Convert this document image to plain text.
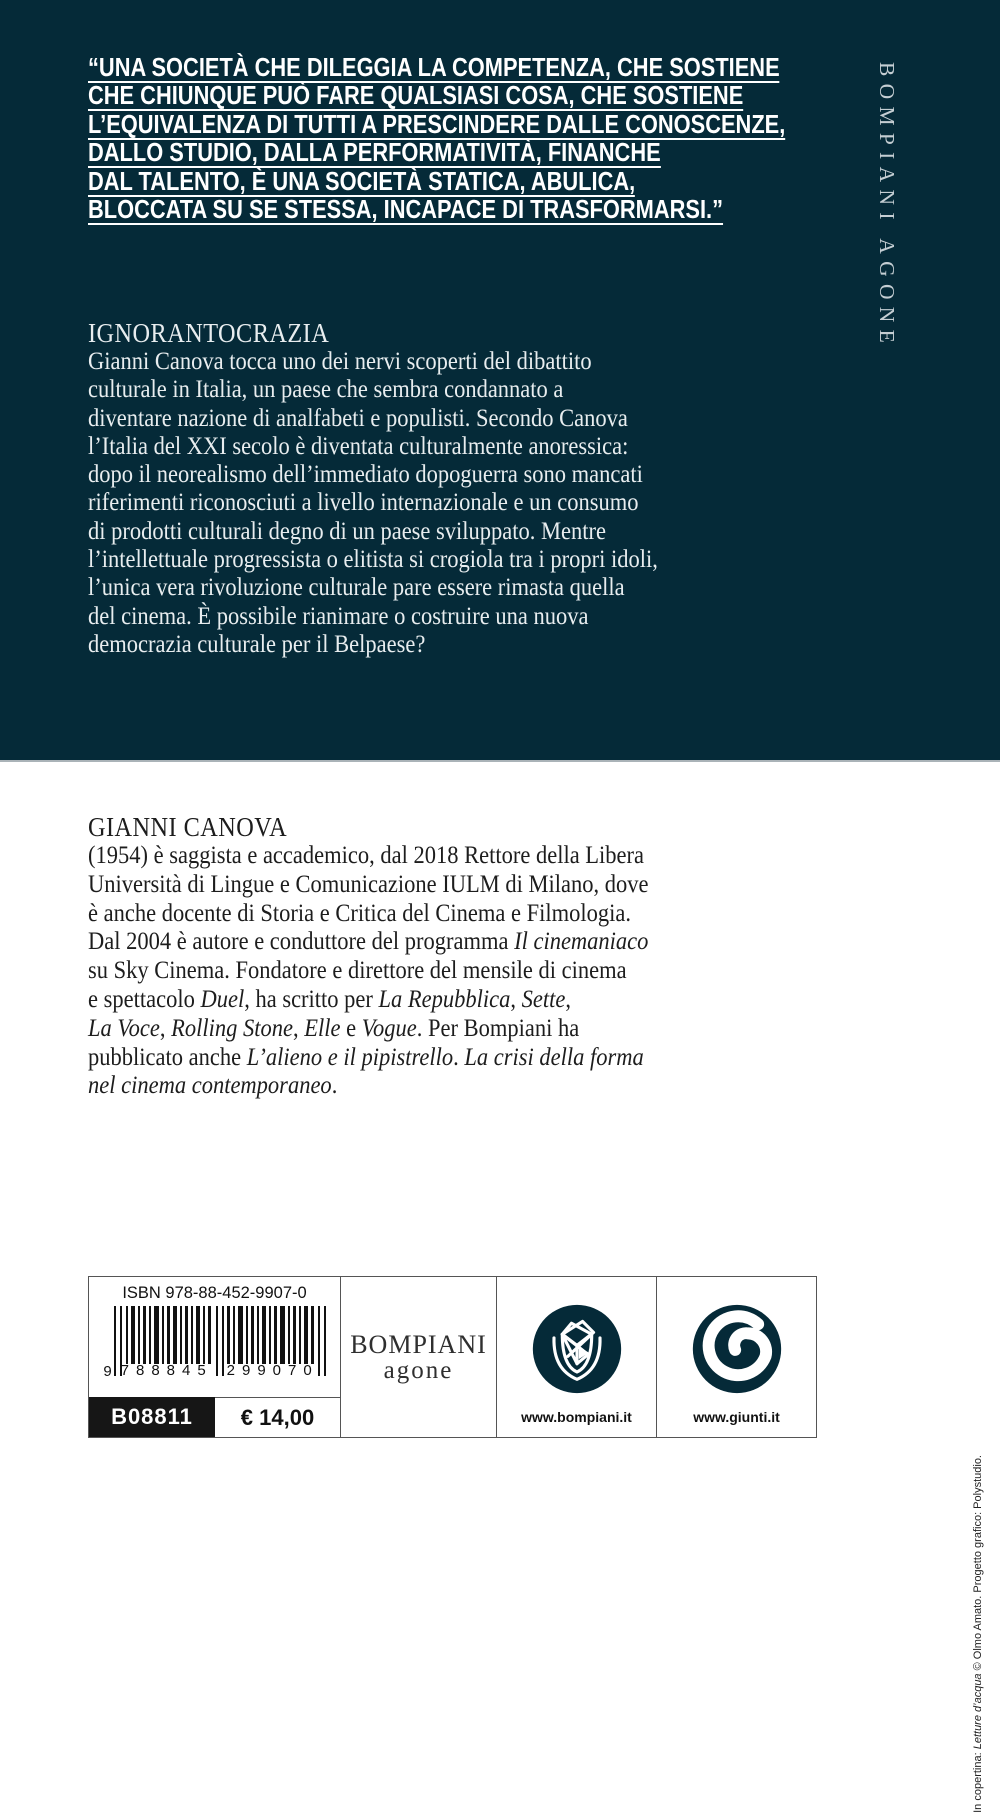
“UNA SOCIETÀ CHE DILEGGIA LA COMPETENZA, CHE SOSTIENE
CHE CHIUNQUE PUÒ FARE QUALSIASI COSA, CHE SOSTIENE
L’EQUIVALENZA DI TUTTI A PRESCINDERE DALLE CONOSCENZE,
DALLO STUDIO, DALLA PERFORMATIVITÀ, FINANCHE
DAL TALENTO, È UNA SOCIETÀ STATICA, ABULICA,
BLOCCATA SU SE STESSA, INCAPACE DI TRASFORMARSI.”	BOMPIANI AGONE
IGNORANTOCRAZIA
Gianni Canova tocca uno dei nervi scoperti del dibattito
culturale in Italia, un paese che sembra condannato a
diventare nazione di analfabeti e populisti. Secondo Canova
l’Italia del XXI secolo è diventata culturalmente anoressica:
dopo il neorealismo dell’immediato dopoguerra sono mancati
riferimenti riconosciuti a livello internazionale e un consumo
di prodotti culturali degno di un paese sviluppato. Mentre
l’intellettuale progressista o elitista si crogiola tra i propri idoli,
l’unica vera rivoluzione culturale pare essere rimasta quella
del cinema. È possibile rianimare o costruire una nuova
democrazia culturale per il Belpaese?
GIANNI CANOVA
(1954) è saggista e accademico, dal 2018 Rettore della Libera
Università di Lingue e Comunicazione IULM di Milano, dove
è anche docente di Storia e Critica del Cinema e Filmologia.
Dal 2004 è autore e conduttore del programma Il cinemaniaco
su Sky Cinema. Fondatore e direttore del mensile di cinema
e spettacolo Duel, ha scritto per La Repubblica, Sette,
La Voce, Rolling Stone, Elle e Vogue. Per Bompiani ha
pubblicato anche L’alieno e il pipistrello. La crisi della forma
nel cinema contemporaneo.
In copertina: Letture d’acqua © Olmo Amato. Progetto grafico: Polystudio.
ISBN 978-88-452-9907-0
9 788845 299070
B08811	€ 14,00
BOMPIANI
agone
www.bompiani.it	www.giunti.it
